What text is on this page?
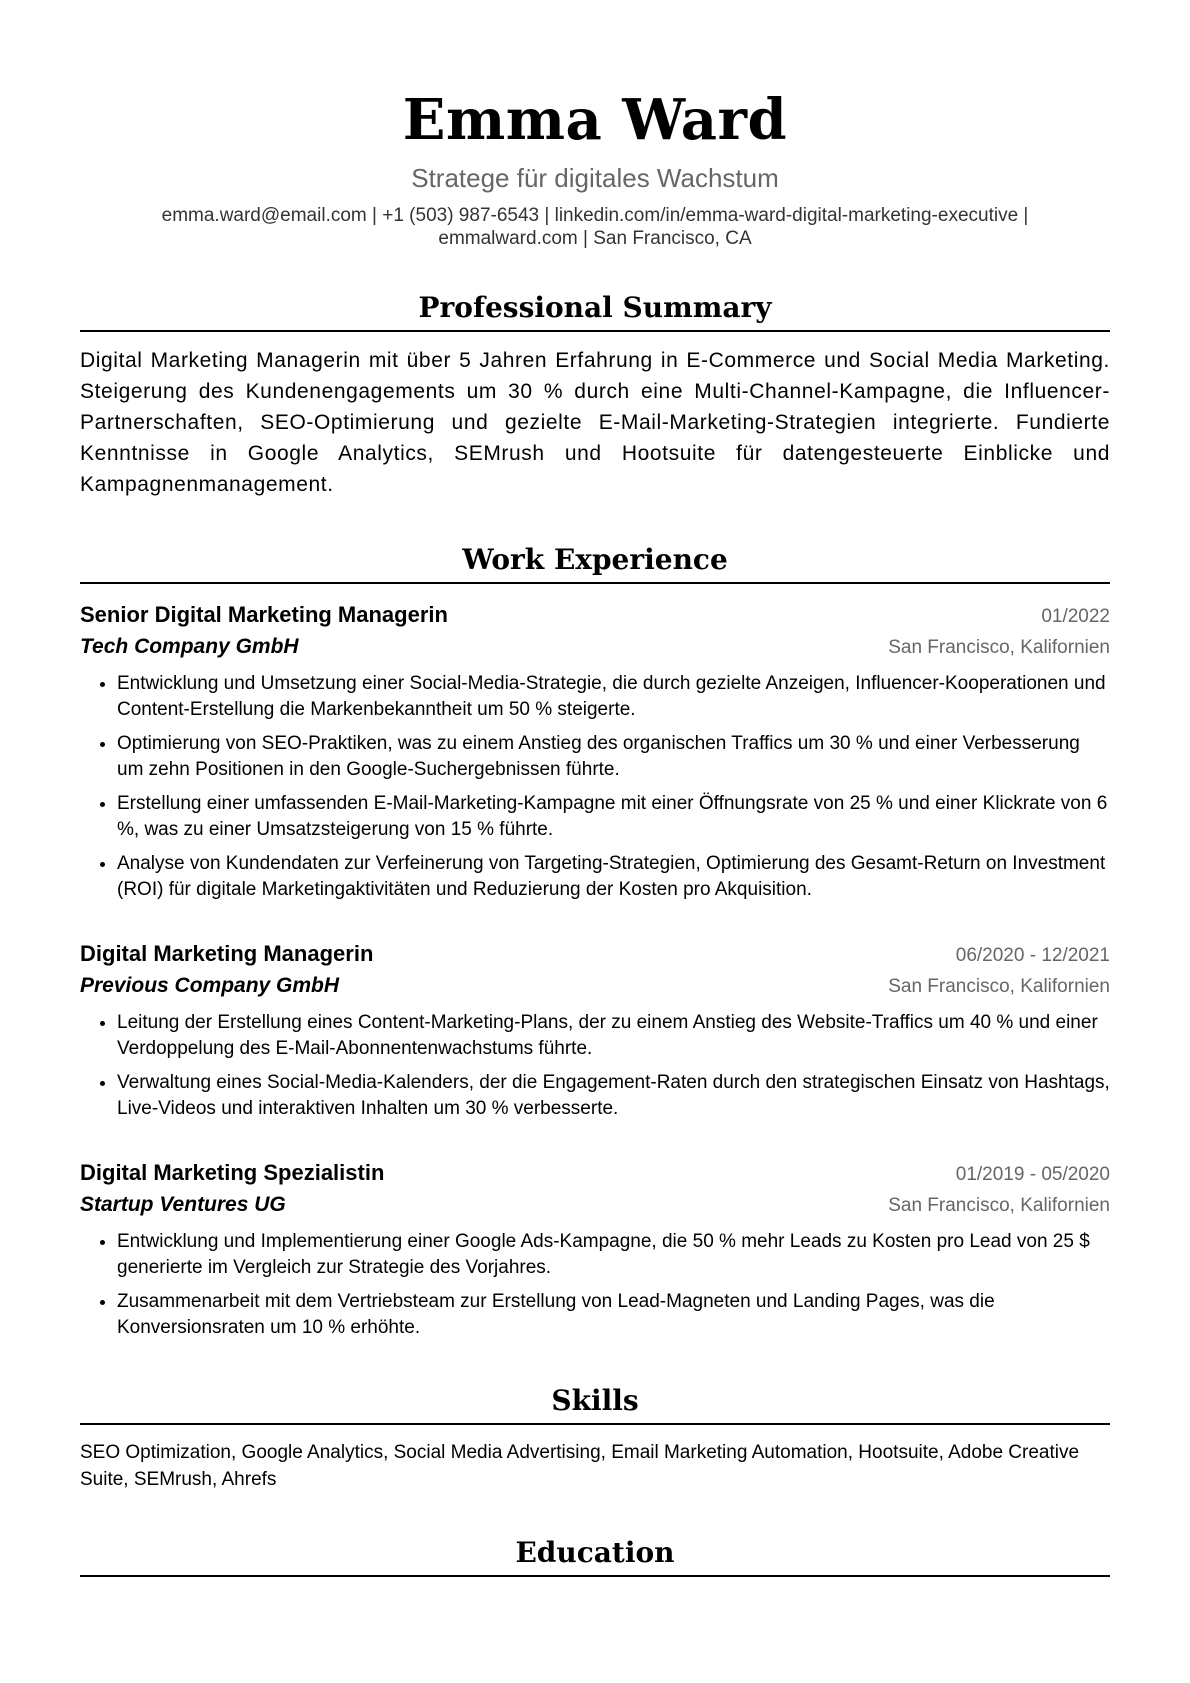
Emma Ward
Stratege für digitales Wachstum
emma.ward@email.com | +1 (503) 987-6543 | linkedin.com/in/emma-ward-digital-marketing-executive |
emmalward.com | San Francisco, CA
Professional Summary

Digital Marketing Managerin mit über 5 Jahren Erfahrung in E-Commerce und Social Media Marketing. Steigerung des Kundenengagements um 30 % durch eine Multi-Channel-Kampagne, die Influencer-Partnerschaften, SEO-Optimierung und gezielte E-Mail-Marketing-Strategien integrierte. Fundierte Kenntnisse in Google Analytics, SEMrush und Hootsuite für datengesteuerte Einblicke und Kampagnenmanagement.

Work Experience
Senior Digital Marketing Managerin	01/2022
Tech Company GmbH	San Francisco, Kalifornien
• Entwicklung und Umsetzung einer Social-Media-Strategie, die durch gezielte Anzeigen, Influencer-Kooperationen und Content-Erstellung die Markenbekanntheit um 50 % steigerte.
• Optimierung von SEO-Praktiken, was zu einem Anstieg des organischen Traffics um 30 % und einer Verbesserung um zehn Positionen in den Google-Suchergebnissen führte.
• Erstellung einer umfassenden E-Mail-Marketing-Kampagne mit einer Öffnungsrate von 25 % und einer Klickrate von 6 %, was zu einer Umsatzsteigerung von 15 % führte.
• Analyse von Kundendaten zur Verfeinerung von Targeting-Strategien, Optimierung des Gesamt-Return on Investment (ROI) für digitale Marketingaktivitäten und Reduzierung der Kosten pro Akquisition.
Digital Marketing Managerin	06/2020 - 12/2021
Previous Company GmbH	San Francisco, Kalifornien
• Leitung der Erstellung eines Content-Marketing-Plans, der zu einem Anstieg des Website-Traffics um 40 % und einer Verdoppelung des E-Mail-Abonnentenwachstums führte.
• Verwaltung eines Social-Media-Kalenders, der die Engagement-Raten durch den strategischen Einsatz von Hashtags, Live-Videos und interaktiven Inhalten um 30 % verbesserte.
Digital Marketing Spezialistin	01/2019 - 05/2020
Startup Ventures UG	San Francisco, Kalifornien
• Entwicklung und Implementierung einer Google Ads-Kampagne, die 50 % mehr Leads zu Kosten pro Lead von 25 $ generierte im Vergleich zur Strategie des Vorjahres.
• Zusammenarbeit mit dem Vertriebsteam zur Erstellung von Lead-Magneten und Landing Pages, was die Konversionsraten um 10 % erhöhte.
Skills
SEO Optimization, Google Analytics, Social Media Advertising, Email Marketing Automation, Hootsuite, Adobe Creative Suite, SEMrush, Ahrefs
Education
